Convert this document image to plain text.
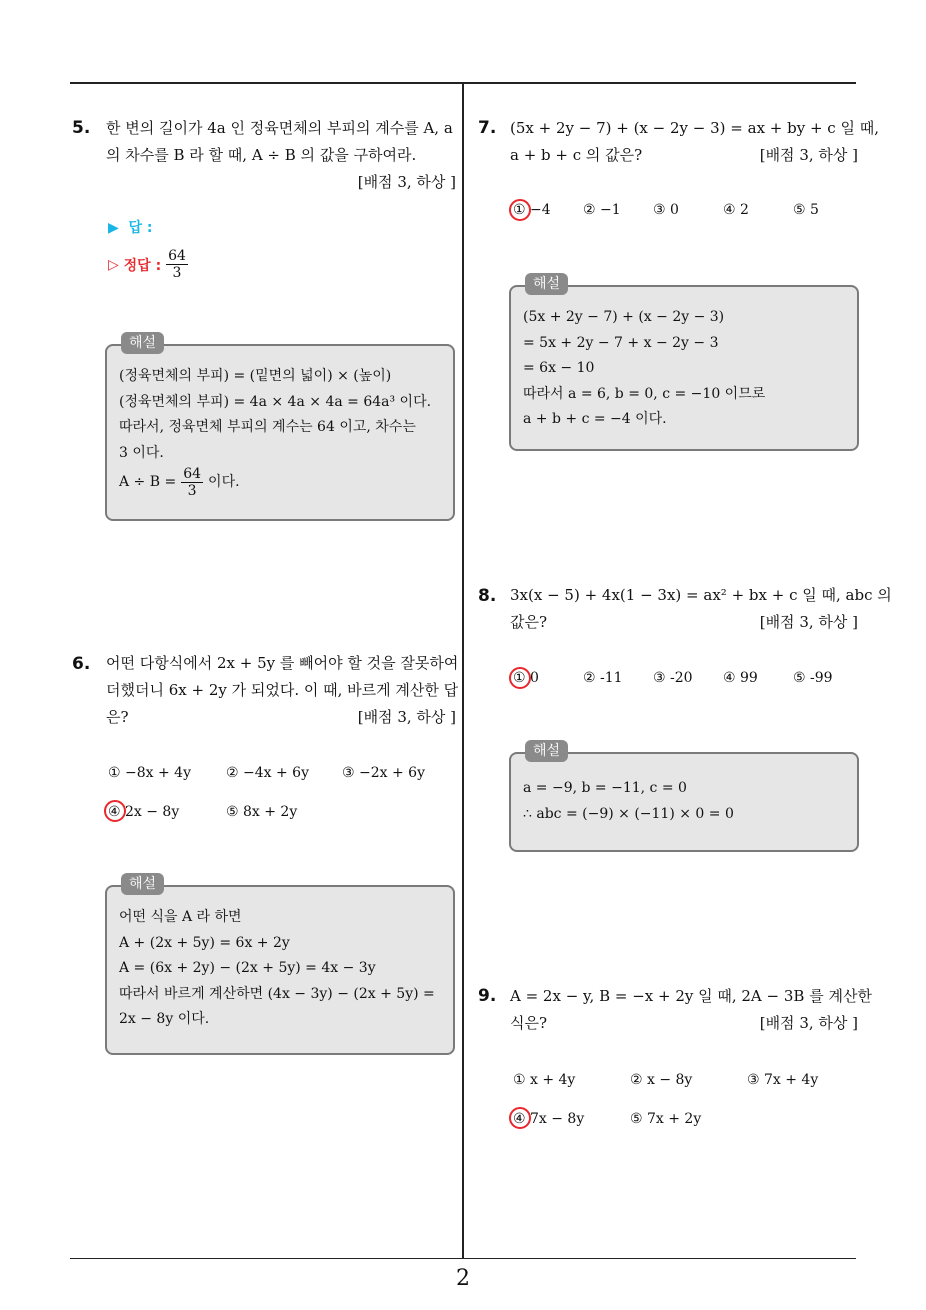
2
5. 한 변의 길이가 4a 인 정육면체의 부피의 계수를 A, a
의 차수를 B 라 할 때, A ÷ B 의 값을 구하여라.
[배점 3, 하상 ]
▶ 답 :
▷
정답 :
$\frac{64}{3}$
해설
(정육면체의 부피) = (밑면의 넓이) × (높이)
(정육면체의 부피) = 4a × 4a × 4a = 64a³ 이다.
따라서, 정육면체 부피의 계수는 64 이고, 차수는
3 이다.
$A \div B = \frac{64}{3}$ 이다.
6. 어떤 다항식에서 2x + 5y 를 빼어야 할 것을 잘못하여
더했더니 6x + 2y 가 되었다. 이 때, 바르게 계산한 답
은?	[배점 3, 하상 ]
① −8x + 4y	② −4x + 6y ③ −2x + 6y
④ 2x − 8y	⑤ 8x + 2y
해설
어떤 식을 A 라 하면
A + (2x + 5y) = 6x + 2y
A = (6x + 2y) − (2x + 5y) = 4x − 3y
따라서 바르게 계산하면 (4x − 3y) − (2x + 5y) =
2x − 8y 이다.
7. (5x + 2y − 7) + (x − 2y − 3) = ax + by + c 일 때,
a + b + c 의 값은?	[배점 3, 하상 ]
① −4 ② −1 ③ 0	④ 2	⑤ 5
해설
(5x + 2y − 7) + (x − 2y − 3)
= 5x + 2y − 7 + x − 2y − 3
= 6x − 10
따라서 a = 6, b = 0, c = −10 이므로
a + b + c = −4 이다.
8. 3x(x − 5) + 4x(1 − 3x) = ax² + bx + c 일 때, abc 의
값은?	[배점 3, 하상 ]
① 0	② -11 ③ -20 ④ 99	⑤ -99
해설
a = −9, b = −11, c = 0
∴ abc = (−9) × (−11) × 0 = 0
9. A = 2x − y, B = −x + 2y 일 때, 2A − 3B 를 계산한
식은?	[배점 3, 하상 ]
① x + 4y	② x − 8y	③ 7x + 4y
④ 7x − 8y	⑤ 7x + 2y
